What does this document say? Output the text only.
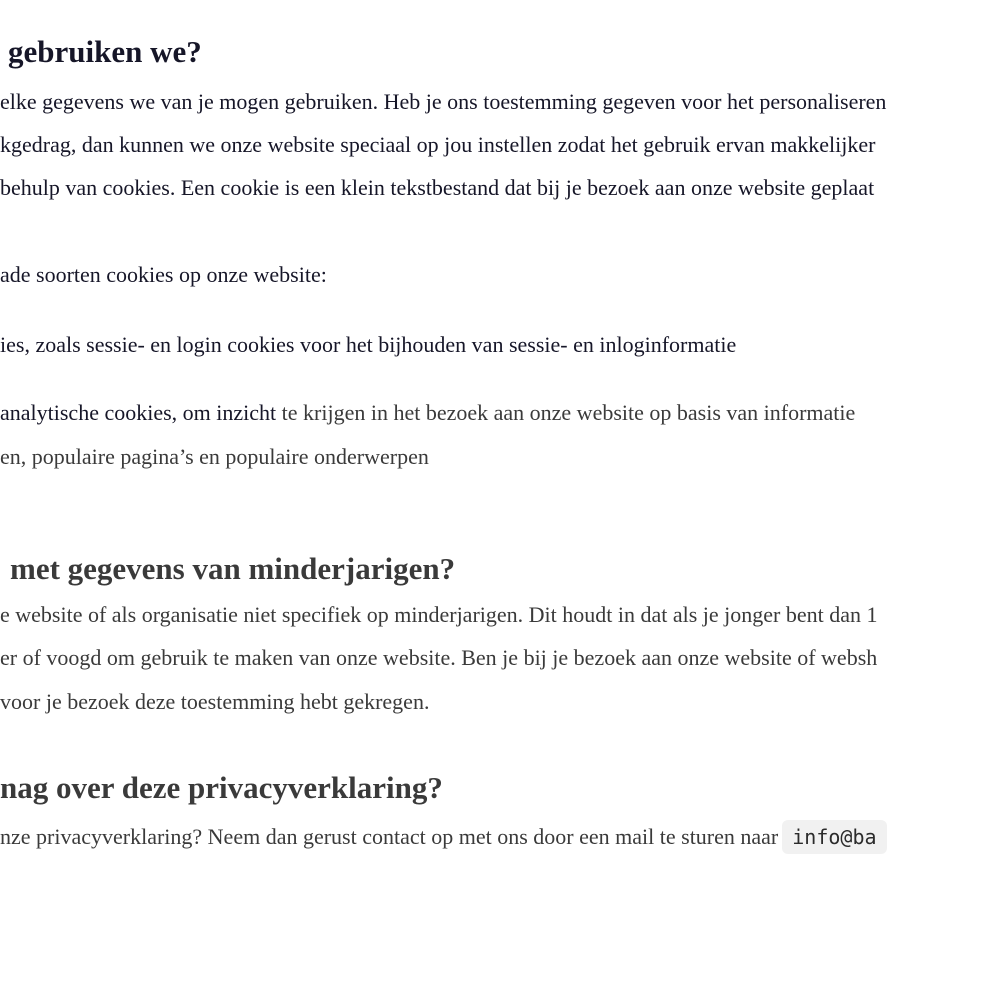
gebruiken we?
elke gegevens we van je mogen gebruiken. Heb je ons toestemming gegeven voor het personaliseren
kgedrag, dan kunnen we onze website speciaal op jou instellen zodat het gebruik ervan makkelijker
behulp van cookies. Een cookie is een klein tekstbestand dat bij je bezoek aan onze website geplaat
ade soorten cookies op onze website:
ies, zoals sessie- en login cookies voor het bijhouden van sessie- en inloginformatie
analytische cookies, om inzicht te krijgen in het bezoek aan onze website op basis van informatie
en, populaire pagina’s en populaire onderwerpen
met gegevens van minderjarigen?
e website of als organisatie niet specifiek op minderjarigen. Dit houdt in dat als je jonger bent dan 1
er of voogd om gebruik te maken van onze website. Ben je bij je bezoek aan onze website of websh
voor je bezoek deze toestemming hebt gekregen.
nag over deze privacyverklaring?
nze privacyverklaring? Neem dan gerust contact op met ons door een mail te sturen naar info@ba
